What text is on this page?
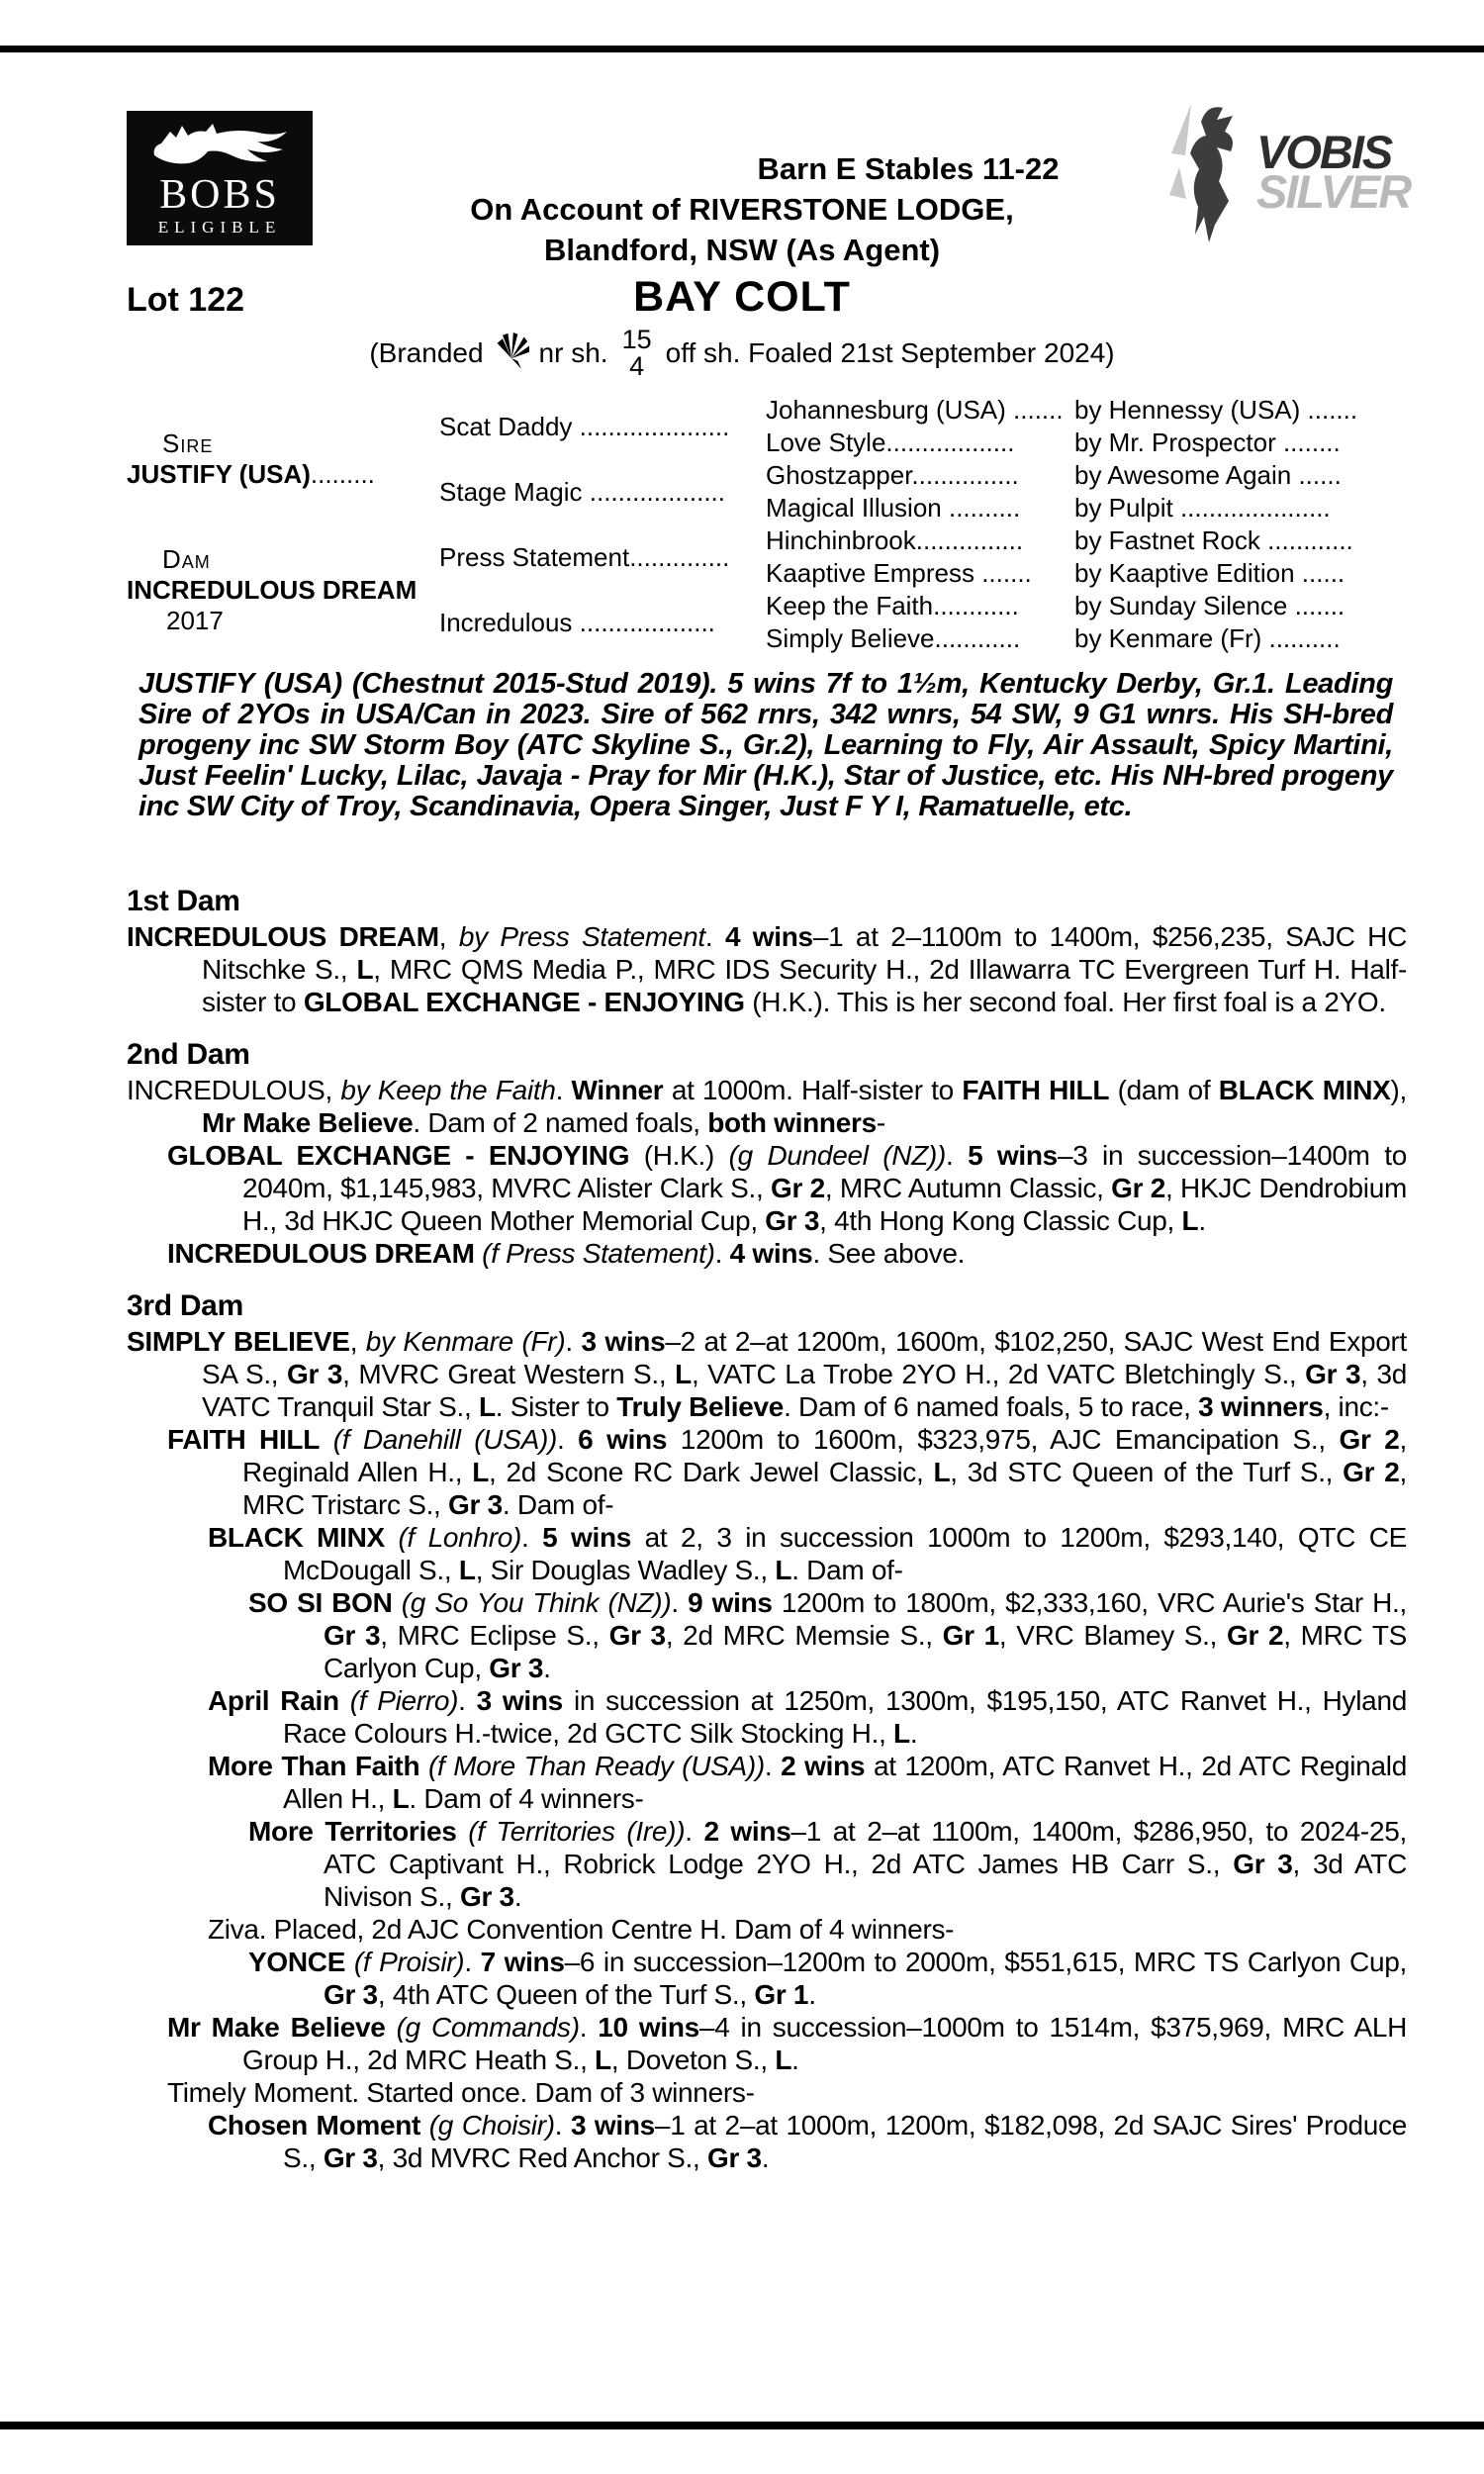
BOBS
ELIGIBLE
Barn E Stables 11-22
On Account of RIVERSTONE LODGE,
Blandford, NSW (As Agent)
VOBIS
SILVER
Lot 122	BAY COLT
(Branded nr sh. 15
4 off sh. Foaled 21st September 2024)
Sire
JUSTIFY (USA).........
Dam
INCREDULOUS DREAM
2017
Scat Daddy .....................
Stage Magic ...................
Press Statement..............
Incredulous ...................
Johannesburg (USA) .......
Love Style..................
Ghostzapper...............
Magical Illusion ..........
Hinchinbrook...............
Kaaptive Empress .......
Keep the Faith............
Simply Believe............
by Hennessy (USA) .......
by Mr. Prospector ........
by Awesome Again ......
by Pulpit .....................
by Fastnet Rock ............
by Kaaptive Edition ......
by Sunday Silence .......
by Kenmare (Fr) ..........
JUSTIFY (USA) (Chestnut 2015-Stud 2019). 5 wins 7f to 1½m, Kentucky Derby, Gr.1. Leading Sire of 2YOs in USA/Can in 2023. Sire of 562 rnrs, 342 wnrs, 54 SW, 9 G1 wnrs. His SH-bred progeny inc SW Storm Boy (ATC Skyline S., Gr.2), Learning to Fly, Air Assault, Spicy Martini, Just Feelin' Lucky, Lilac, Javaja - Pray for Mir (H.K.), Star of Justice, etc. His NH-bred progeny inc SW City of Troy, Scandinavia, Opera Singer, Just F Y I, Ramatuelle, etc.
1st Dam
INCREDULOUS DREAM, by Press Statement. 4 wins–1 at 2–1100m to 1400m, $256,235, SAJC HC Nitschke S., L, MRC QMS Media P., MRC IDS Security H., 2d Illawarra TC Evergreen Turf H. Half-sister to GLOBAL EXCHANGE - ENJOYING (H.K.). This is her second foal. Her first foal is a 2YO.
2nd Dam
INCREDULOUS, by Keep the Faith. Winner at 1000m. Half-sister to FAITH HILL (dam of BLACK MINX), Mr Make Believe. Dam of 2 named foals, both winners-
GLOBAL EXCHANGE - ENJOYING (H.K.) (g Dundeel (NZ)). 5 wins–3 in succession–1400m to 2040m, $1,145,983, MVRC Alister Clark S., Gr 2, MRC Autumn Classic, Gr 2, HKJC Dendrobium H., 3d HKJC Queen Mother Memorial Cup, Gr 3, 4th Hong Kong Classic Cup, L.
INCREDULOUS DREAM (f Press Statement). 4 wins. See above.
3rd Dam
SIMPLY BELIEVE, by Kenmare (Fr). 3 wins–2 at 2–at 1200m, 1600m, $102,250, SAJC West End Export SA S., Gr 3, MVRC Great Western S., L, VATC La Trobe 2YO H., 2d VATC Bletchingly S., Gr 3, 3d VATC Tranquil Star S., L. Sister to Truly Believe. Dam of 6 named foals, 5 to race, 3 winners, inc:-
FAITH HILL (f Danehill (USA)). 6 wins 1200m to 1600m, $323,975, AJC Emancipation S., Gr 2, Reginald Allen H., L, 2d Scone RC Dark Jewel Classic, L, 3d STC Queen of the Turf S., Gr 2, MRC Tristarc S., Gr 3. Dam of-
BLACK MINX (f Lonhro). 5 wins at 2, 3 in succession 1000m to 1200m, $293,140, QTC CE McDougall S., L, Sir Douglas Wadley S., L. Dam of-
SO SI BON (g So You Think (NZ)). 9 wins 1200m to 1800m, $2,333,160, VRC Aurie's Star H., Gr 3, MRC Eclipse S., Gr 3, 2d MRC Memsie S., Gr 1, VRC Blamey S., Gr 2, MRC TS Carlyon Cup, Gr 3.
April Rain (f Pierro). 3 wins in succession at 1250m, 1300m, $195,150, ATC Ranvet H., Hyland Race Colours H.-twice, 2d GCTC Silk Stocking H., L.
More Than Faith (f More Than Ready (USA)). 2 wins at 1200m, ATC Ranvet H., 2d ATC Reginald Allen H., L. Dam of 4 winners-
More Territories (f Territories (Ire)). 2 wins–1 at 2–at 1100m, 1400m, $286,950, to 2024-25, ATC Captivant H., Robrick Lodge 2YO H., 2d ATC James HB Carr S., Gr 3, 3d ATC Nivison S., Gr 3.
Ziva. Placed, 2d AJC Convention Centre H. Dam of 4 winners-
YONCE (f Proisir). 7 wins–6 in succession–1200m to 2000m, $551,615, MRC TS Carlyon Cup, Gr 3, 4th ATC Queen of the Turf S., Gr 1.
Mr Make Believe (g Commands). 10 wins–4 in succession–1000m to 1514m, $375,969, MRC ALH Group H., 2d MRC Heath S., L, Doveton S., L.
Timely Moment. Started once. Dam of 3 winners-
Chosen Moment (g Choisir). 3 wins–1 at 2–at 1000m, 1200m, $182,098, 2d SAJC Sires' Produce S., Gr 3, 3d MVRC Red Anchor S., Gr 3.
